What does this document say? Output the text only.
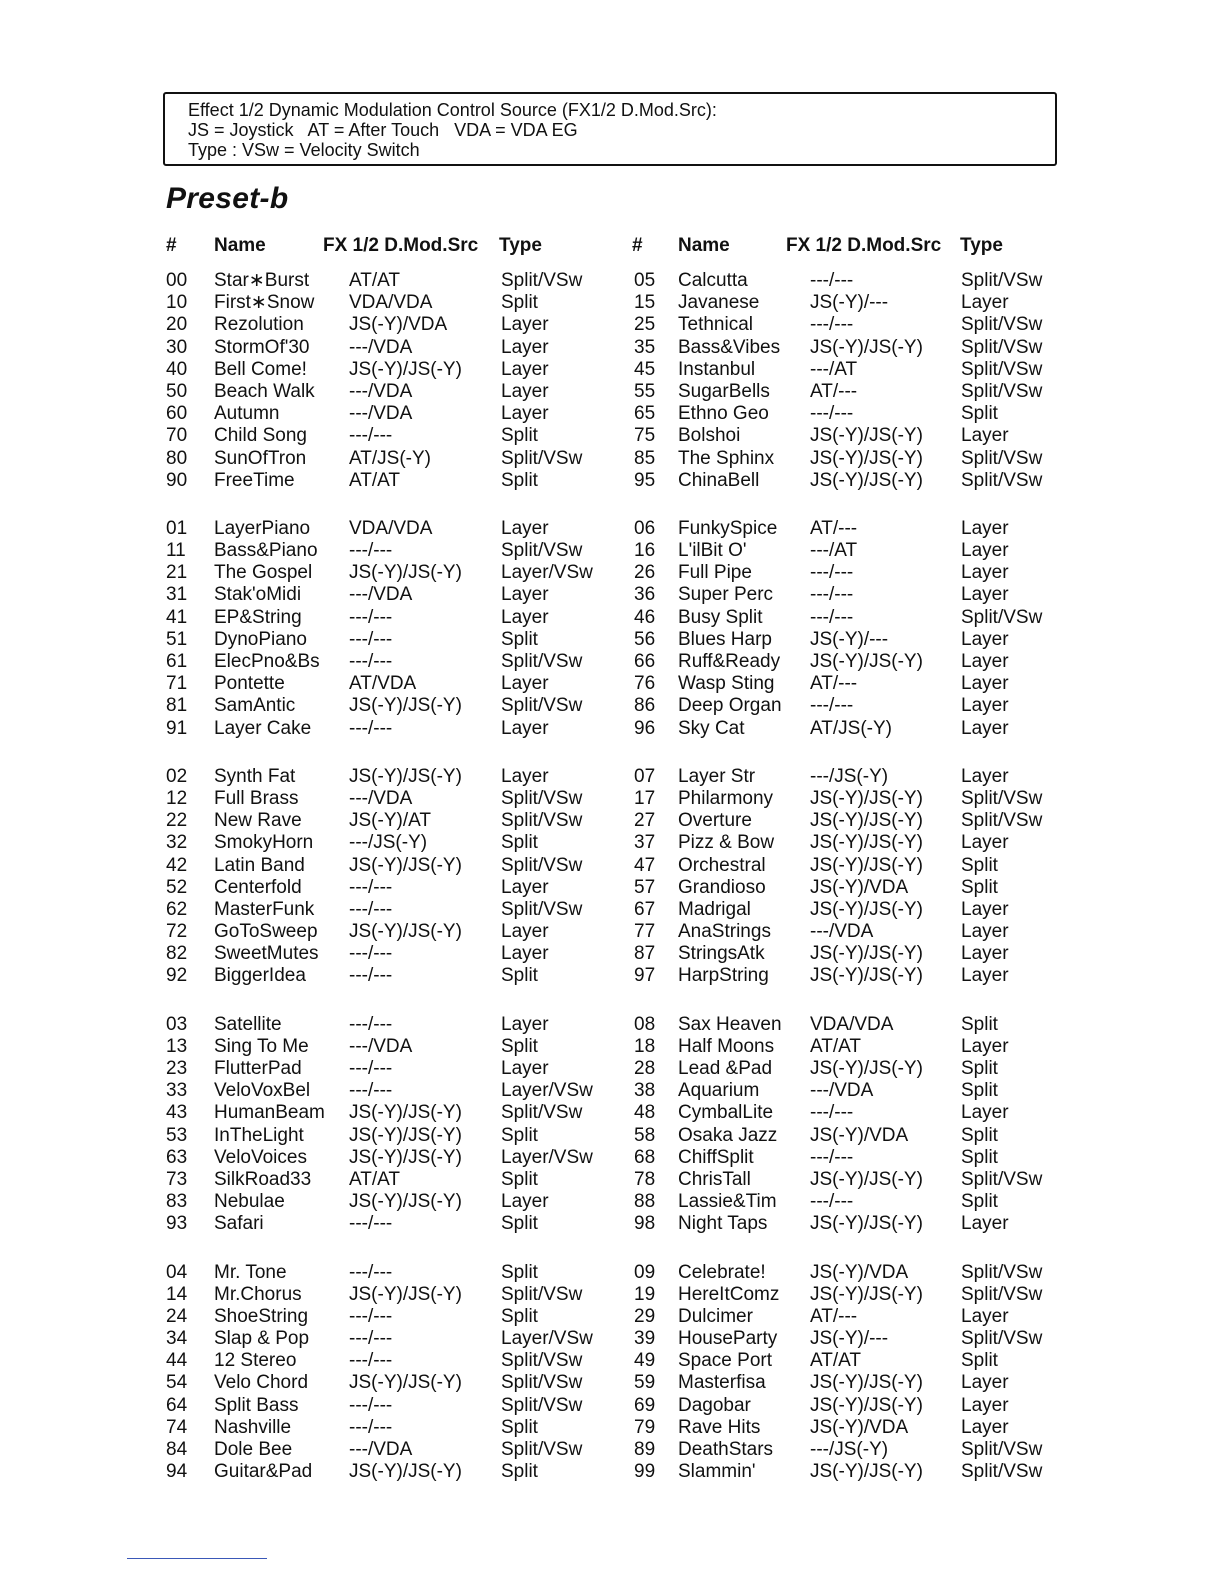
Effect 1/2 Dynamic Modulation Control Source (FX1/2 D.Mod.Src):
JS = Joystick   AT = After Touch   VDA = VDA EG
Type : VSw = Velocity Switch
Preset-b
# Name	FX 1/2 D.Mod.Src Type	# Name	FX 1/2 D.Mod.Src Type
00 Star∗Burst AT/AT	Split/VSw	05 Calcutta	---/---	Split/VSw
10 First∗Snow VDA/VDA	Split	15 Javanese	JS(-Y)/---	Layer
20 Rezolution JS(-Y)/VDA	Layer	25 Tethnical	---/---	Split/VSw
30 StormOf'30 ---/VDA	Layer	35 Bass&Vibes JS(-Y)/JS(-Y) Split/VSw
40 Bell Come! JS(-Y)/JS(-Y) Layer	45 Instanbul	---/AT	Split/VSw
50 Beach Walk ---/VDA	Layer	55 SugarBells AT/---	Split/VSw
60 Autumn	---/VDA	Layer	65 Ethno Geo ---/---	Split
70 Child Song ---/---	Split	75 Bolshoi	JS(-Y)/JS(-Y) Layer
80 SunOfTron AT/JS(-Y)	Split/VSw	85 The Sphinx JS(-Y)/JS(-Y) Split/VSw
90 FreeTime	AT/AT	Split	95 ChinaBell	JS(-Y)/JS(-Y) Split/VSw
01 LayerPiano VDA/VDA	Layer	06 FunkySpice AT/---	Layer
11 Bass&Piano ---/---	Split/VSw	16 L'ilBit O'	---/AT	Layer
21 The Gospel JS(-Y)/JS(-Y) Layer/VSw 26 Full Pipe	---/---	Layer
31 Stak'oMidi	---/VDA	Layer	36 Super Perc ---/---	Layer
41 EP&String ---/---	Layer	46 Busy Split	---/---	Split/VSw
51 DynoPiano ---/---	Split	56 Blues Harp JS(-Y)/---	Layer
61 ElecPno&Bs ---/---	Split/VSw	66 Ruff&Ready JS(-Y)/JS(-Y) Layer
71 Pontette	AT/VDA	Layer	76 Wasp Sting AT/---	Layer
81 SamAntic	JS(-Y)/JS(-Y) Split/VSw	86 Deep Organ ---/---	Layer
91 Layer Cake ---/---	Layer	96 Sky Cat	AT/JS(-Y)	Layer
02 Synth Fat	JS(-Y)/JS(-Y) Layer	07 Layer Str	---/JS(-Y)	Layer
12 Full Brass	---/VDA	Split/VSw	17 Philarmony JS(-Y)/JS(-Y) Split/VSw
22 New Rave JS(-Y)/AT	Split/VSw	27 Overture	JS(-Y)/JS(-Y) Split/VSw
32 SmokyHorn ---/JS(-Y)	Split	37 Pizz & Bow JS(-Y)/JS(-Y) Layer
42 Latin Band JS(-Y)/JS(-Y) Split/VSw	47 Orchestral JS(-Y)/JS(-Y) Split
52 Centerfold ---/---	Layer	57 Grandioso JS(-Y)/VDA	Split
62 MasterFunk ---/---	Split/VSw	67 Madrigal	JS(-Y)/JS(-Y) Layer
72 GoToSweep JS(-Y)/JS(-Y) Layer	77 AnaStrings ---/VDA	Layer
82 SweetMutes ---/---	Layer	87 StringsAtk JS(-Y)/JS(-Y) Layer
92 BiggerIdea ---/---	Split	97 HarpString JS(-Y)/JS(-Y) Layer
03 Satellite	---/---	Layer	08 Sax Heaven VDA/VDA	Split
13 Sing To Me ---/VDA	Split	18 Half Moons AT/AT	Layer
23 FlutterPad ---/---	Layer	28 Lead &Pad JS(-Y)/JS(-Y) Split
33 VeloVoxBel ---/---	Layer/VSw 38 Aquarium	---/VDA	Split
43 HumanBeam JS(-Y)/JS(-Y) Split/VSw	48 CymbalLite ---/---	Layer
53 InTheLight JS(-Y)/JS(-Y) Split	58 Osaka Jazz JS(-Y)/VDA	Split
63 VeloVoices JS(-Y)/JS(-Y) Layer/VSw 68 ChiffSplit	---/---	Split
73 SilkRoad33 AT/AT	Split	78 ChrisTall	JS(-Y)/JS(-Y) Split/VSw
83 Nebulae	JS(-Y)/JS(-Y) Layer	88 Lassie&Tim ---/---	Split
93 Safari	---/---	Split	98 Night Taps JS(-Y)/JS(-Y) Layer
04 Mr. Tone	---/---	Split	09 Celebrate! JS(-Y)/VDA	Split/VSw
14 Mr.Chorus JS(-Y)/JS(-Y) Split/VSw	19 HereItComz JS(-Y)/JS(-Y) Split/VSw
24 ShoeString ---/---	Split	29 Dulcimer	AT/---	Layer
34 Slap & Pop ---/---	Layer/VSw 39 HouseParty JS(-Y)/---	Split/VSw
44 12 Stereo	---/---	Split/VSw	49 Space Port AT/AT	Split
54 Velo Chord JS(-Y)/JS(-Y) Split/VSw	59 Masterfisa JS(-Y)/JS(-Y) Layer
64 Split Bass	---/---	Split/VSw	69 Dagobar	JS(-Y)/JS(-Y) Layer
74 Nashville	---/---	Split	79 Rave Hits	JS(-Y)/VDA	Layer
84 Dole Bee	---/VDA	Split/VSw	89 DeathStars ---/JS(-Y)	Split/VSw
94 Guitar&Pad JS(-Y)/JS(-Y) Split	99 Slammin'	JS(-Y)/JS(-Y) Split/VSw
